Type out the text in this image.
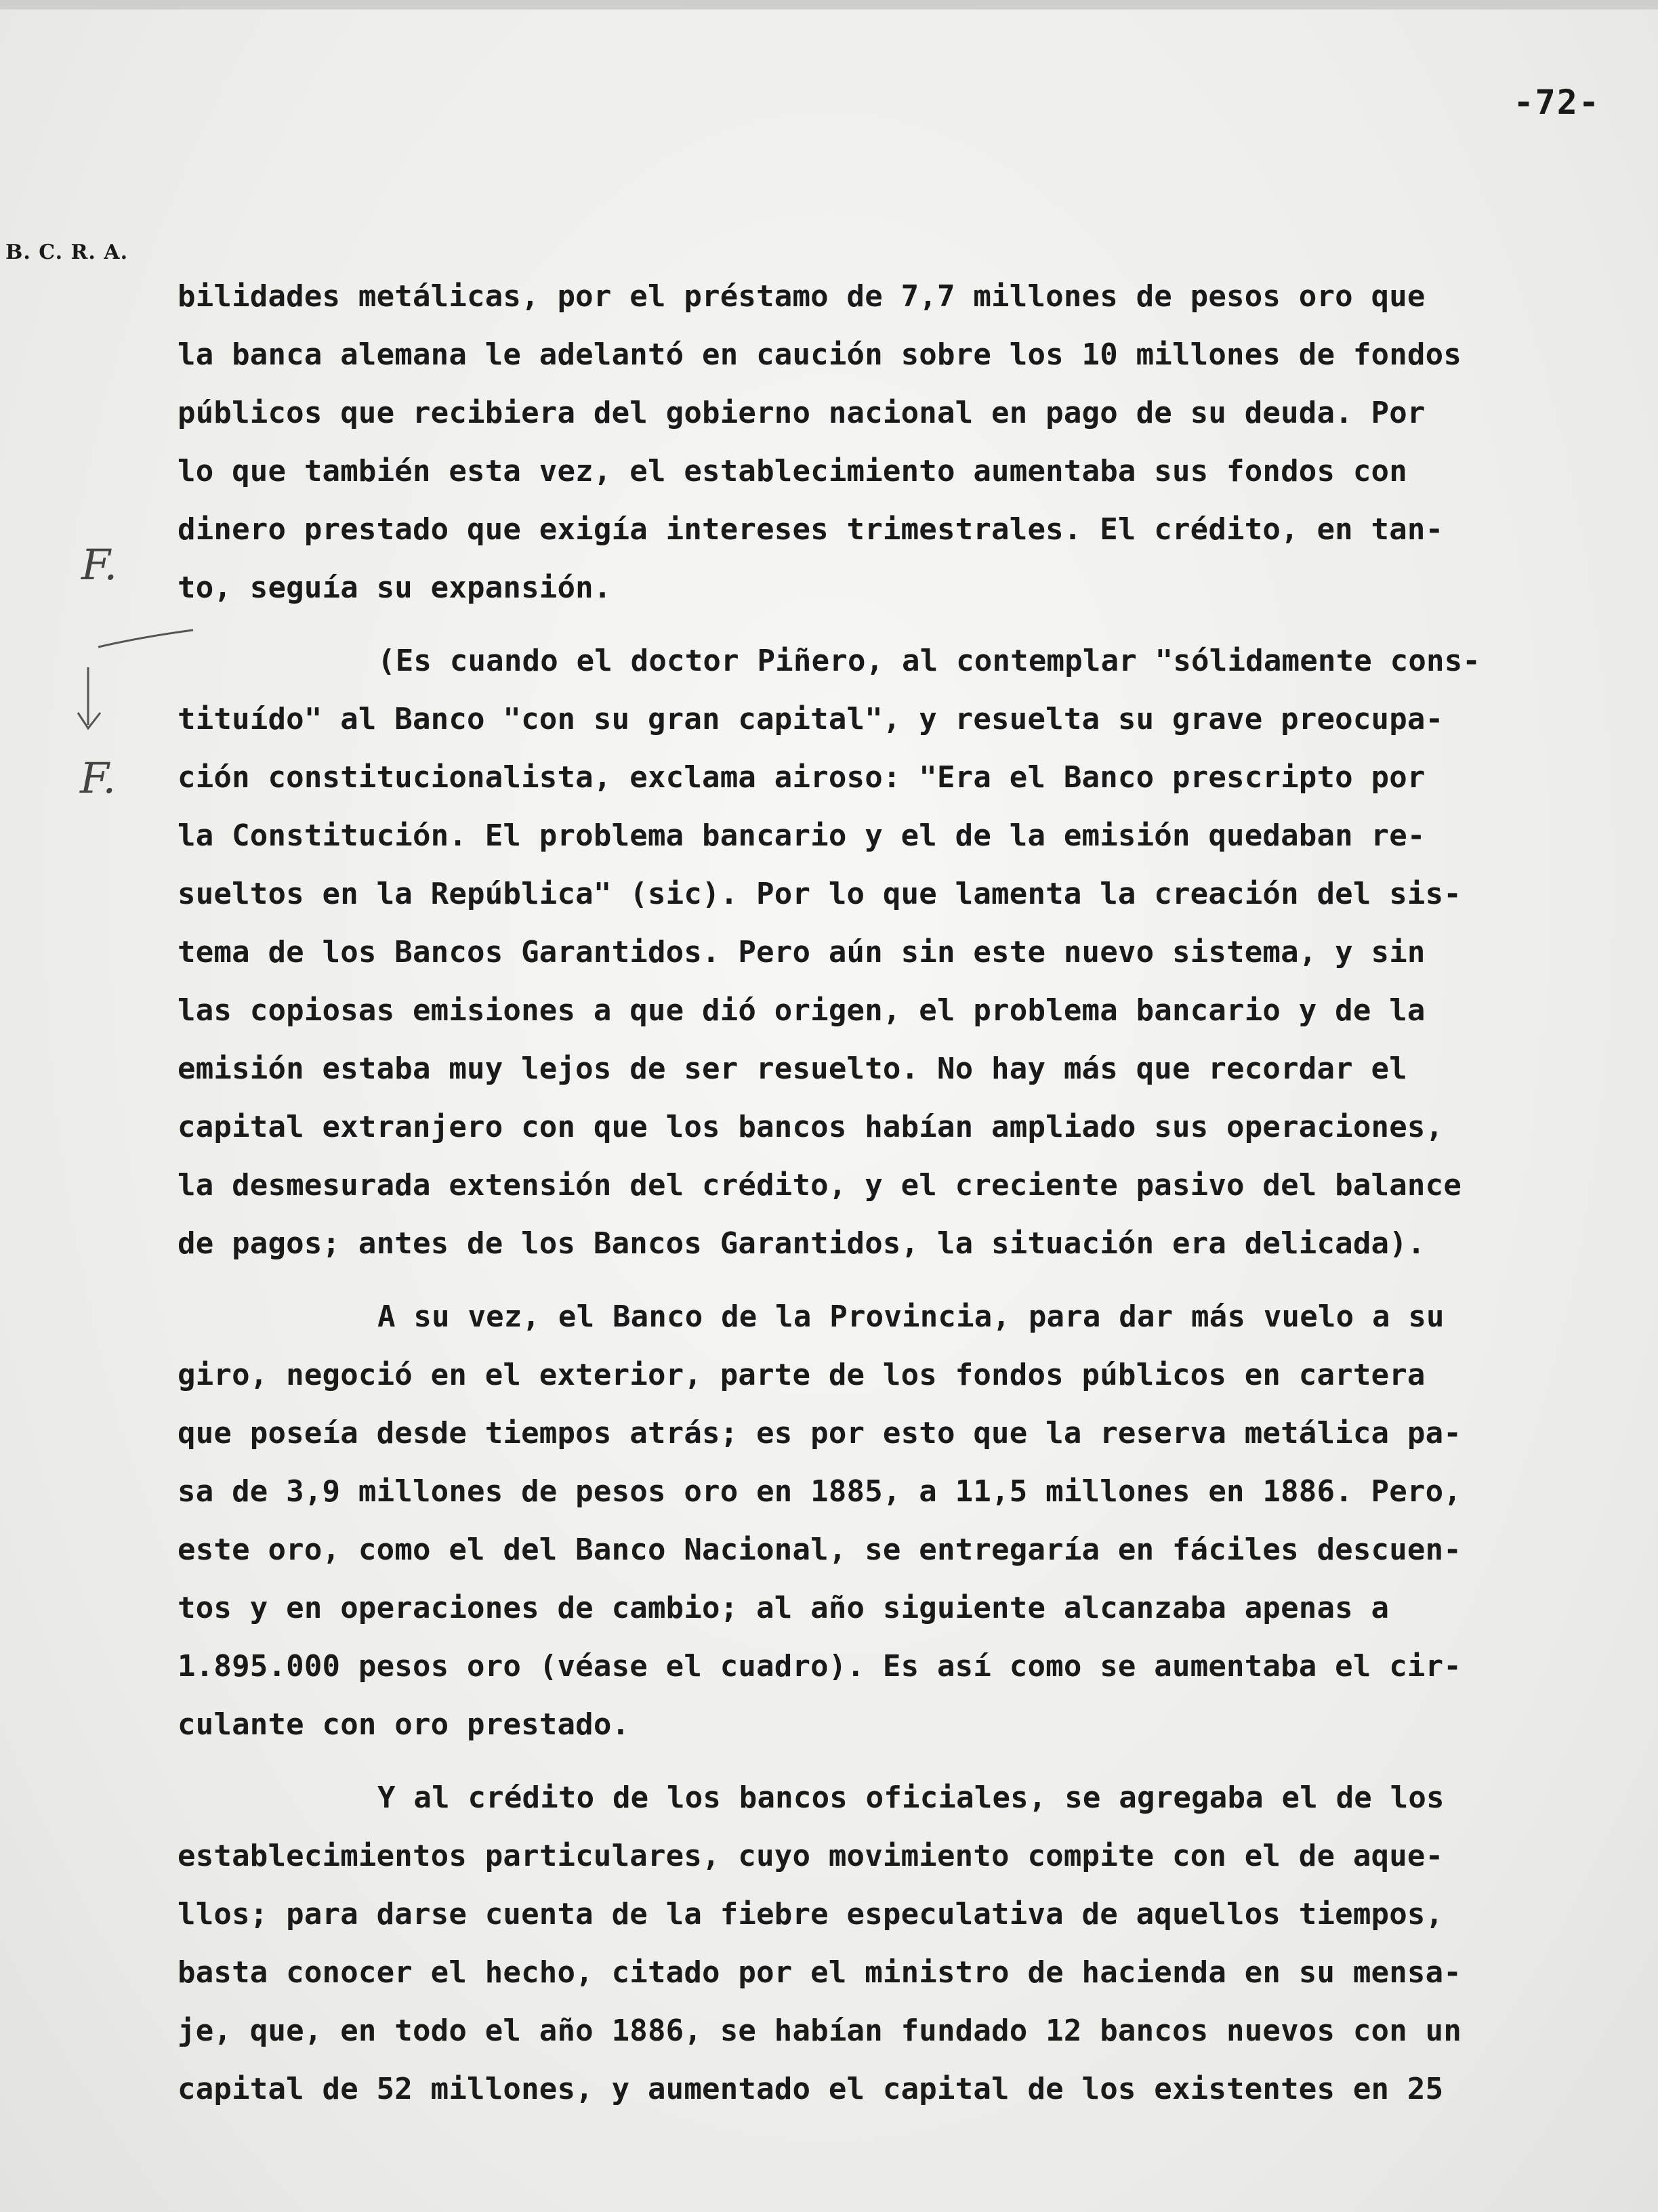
-72-
B. C. R. A.
F.
F.
bilidades metálicas, por el préstamo de 7,7 millones de pesos oro que
la banca alemana le adelantó en caución sobre los 10 millones de fondos
públicos que recibiera del gobierno nacional en pago de su deuda. Por
lo que también esta vez, el establecimiento aumentaba sus fondos con
dinero prestado que exigía intereses trimestrales. El crédito, en tan-
to, seguía su expansión.
(Es cuando el doctor Piñero, al contemplar "sólidamente cons-
tituído" al Banco "con su gran capital", y resuelta su grave preocupa-
ción constitucionalista, exclama airoso: "Era el Banco prescripto por
la Constitución. El problema bancario y el de la emisión quedaban re-
sueltos en la República" (sic). Por lo que lamenta la creación del sis-
tema de los Bancos Garantidos. Pero aún sin este nuevo sistema, y sin
las copiosas emisiones a que dió origen, el problema bancario y de la
emisión estaba muy lejos de ser resuelto. No hay más que recordar el
capital extranjero con que los bancos habían ampliado sus operaciones,
la desmesurada extensión del crédito, y el creciente pasivo del balance
de pagos; antes de los Bancos Garantidos, la situación era delicada).
A su vez, el Banco de la Provincia, para dar más vuelo a su
giro, negoció en el exterior, parte de los fondos públicos en cartera
que poseía desde tiempos atrás; es por esto que la reserva metálica pa-
sa de 3,9 millones de pesos oro en 1885, a 11,5 millones en 1886. Pero,
este oro, como el del Banco Nacional, se entregaría en fáciles descuen-
tos y en operaciones de cambio; al año siguiente alcanzaba apenas a
1.895.000 pesos oro (véase el cuadro). Es así como se aumentaba el cir-
culante con oro prestado.
Y al crédito de los bancos oficiales, se agregaba el de los
establecimientos particulares, cuyo movimiento compite con el de aque-
llos; para darse cuenta de la fiebre especulativa de aquellos tiempos,
basta conocer el hecho, citado por el ministro de hacienda en su mensa-
je, que, en todo el año 1886, se habían fundado 12 bancos nuevos con un
capital de 52 millones, y aumentado el capital de los existentes en 25
